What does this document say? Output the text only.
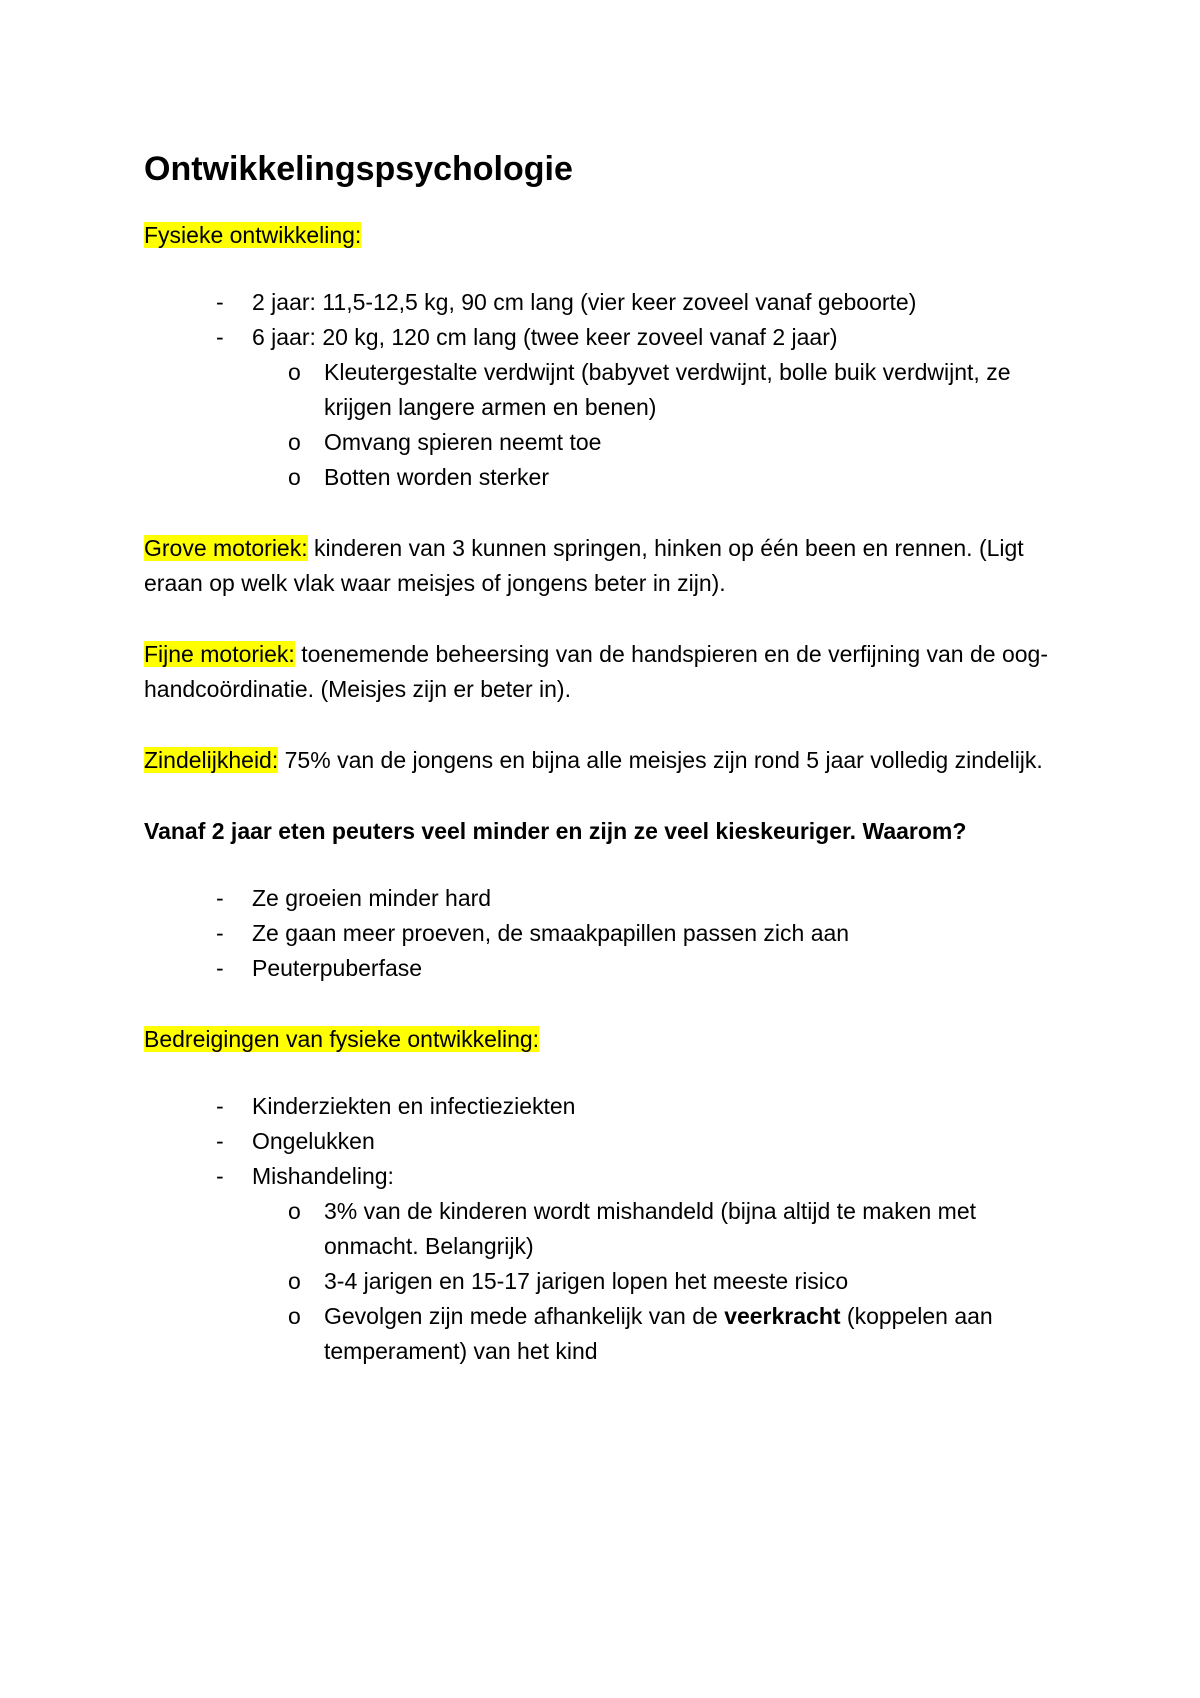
Ontwikkelingspsychologie
Fysieke ontwikkeling:
- 2 jaar: 11,5-12,5 kg, 90 cm lang (vier keer zoveel vanaf geboorte)
- 6 jaar: 20 kg, 120 cm lang (twee keer zoveel vanaf 2 jaar)
o Kleutergestalte verdwijnt (babyvet verdwijnt, bolle buik verdwijnt, ze krijgen langere armen en benen)
o Omvang spieren neemt toe
o Botten worden sterker
Grove motoriek: kinderen van 3 kunnen springen, hinken op één been en rennen. (Ligt eraan op welk vlak waar meisjes of jongens beter in zijn).
Fijne motoriek: toenemende beheersing van de handspieren en de verfijning van de oog-handcoördinatie. (Meisjes zijn er beter in).
Zindelijkheid: 75% van de jongens en bijna alle meisjes zijn rond 5 jaar volledig zindelijk.
Vanaf 2 jaar eten peuters veel minder en zijn ze veel kieskeuriger. Waarom?
- Ze groeien minder hard
- Ze gaan meer proeven, de smaakpapillen passen zich aan
- Peuterpuberfase
Bedreigingen van fysieke ontwikkeling:
- Kinderziekten en infectieziekten
- Ongelukken
- Mishandeling:
o 3% van de kinderen wordt mishandeld (bijna altijd te maken met onmacht. Belangrijk)
o 3-4 jarigen en 15-17 jarigen lopen het meeste risico
o Gevolgen zijn mede afhankelijk van de veerkracht (koppelen aan temperament) van het kind
